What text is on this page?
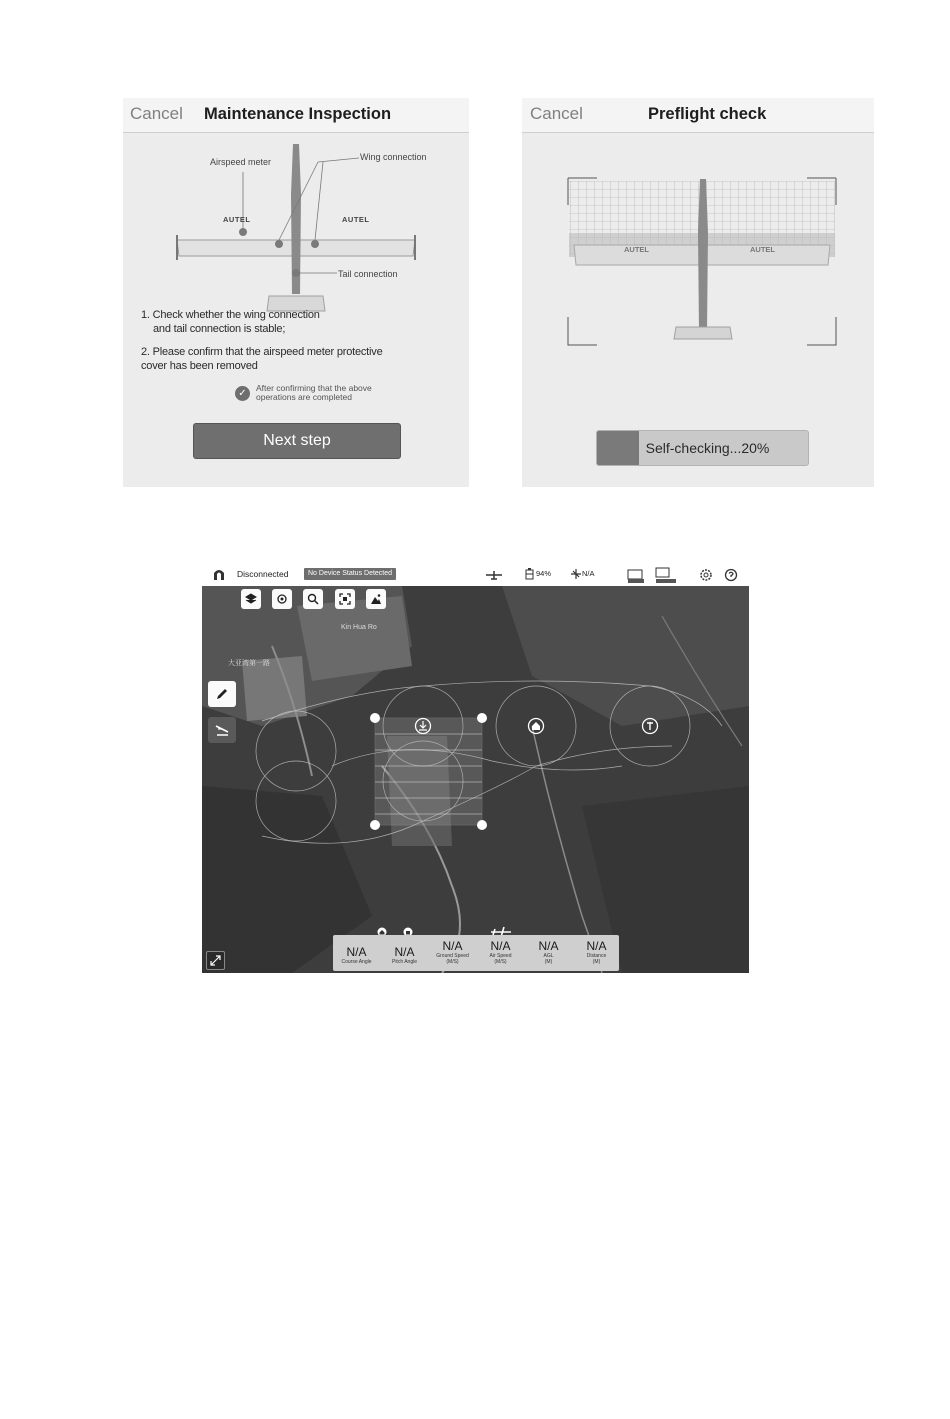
Cancel Maintenance Inspection
AUTEL	AUTEL
Airspeed meter	Wing connection
Tail connection
1. Check whether the wing connection
and tail connection is stable;
2. Please confirm that the airspeed meter protective
cover has been removed
✓	After confirming that the above
operations are completed
Next step
Cancel	Preflight check
AUTEL	AUTEL
Self-checking...20%
Disconnected	No Device Status Detected	94%	N/A
Kin Hua Ro
大亚湾第一路
N/A
Course Angle
N/A
Pitch Angle
N/A
Ground Speed
(M/S)
N/A
Air Speed
(M/S)
N/A
AGL
(M)
N/A
Distance
(M)
